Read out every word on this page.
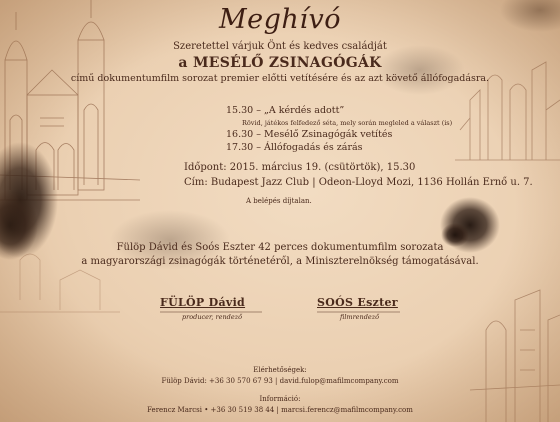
Meghívó
Szeretettel várjuk Önt és kedves családját
a MESÉLŐ ZSINAGÓGÁK
című dokumentumfilm sorozat premier előtti vetítésére és az azt követő állófogadásra.
15.30 – „A kérdés adott”
Rövid, játékos felfedező séta, mely során megleled a választ (is)
16.30 – Mesélő Zsinagógák vetítés
17.30 – Állófogadás és zárás
Időpont: 2015. március 19. (csütörtök), 15.30
Cím: Budapest Jazz Club | Odeon-Lloyd Mozi, 1136 Hollán Ernő u. 7.
A belépés díjtalan.
Fülöp Dávid és Soós Eszter 42 perces dokumentumfilm sorozata
a magyarországi zsinagógák történetéről, a Miniszterelnökség támogatásával.
FÜLÖP Dávid
producer, rendező
SOÓS Eszter
filmrendező
Elérhetőségek:
Fülöp Dávid: +36 30 570 67 93 | david.fulop@mafilmcompany.com
Információ:
Ferencz Marcsi • +36 30 519 38 44 | marcsi.ferencz@mafilmcompany.com
